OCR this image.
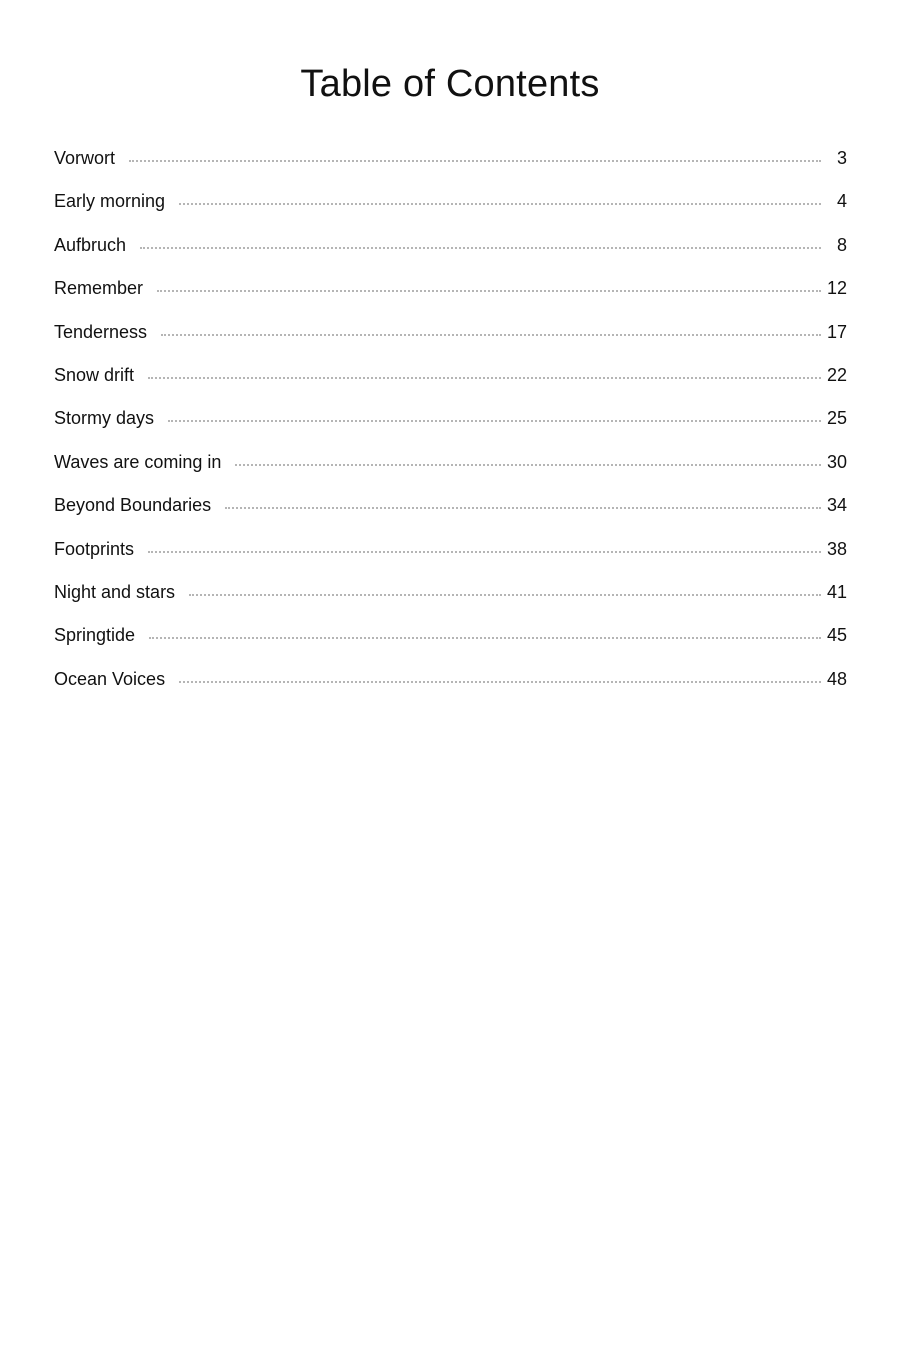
Table of Contents
Vorwort	3
Early morning	4
Aufbruch	8
Remember	12
Tenderness	17
Snow drift	22
Stormy days	25
Waves are coming in	30
Beyond Boundaries	34
Footprints	38
Night and stars	41
Springtide	45
Ocean Voices	48
